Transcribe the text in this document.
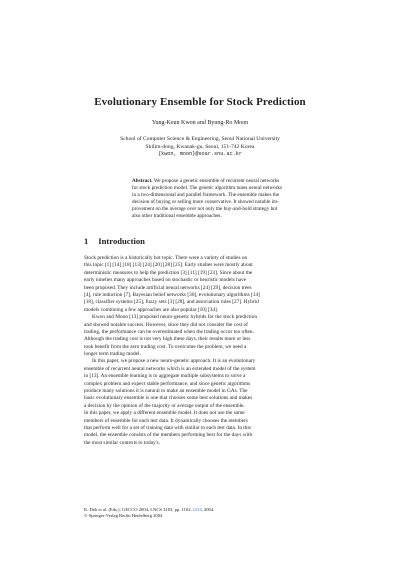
Evolutionary Ensemble for Stock Prediction
Yung-Keun Kwon and Byung-Ro Moon
School of Computer Science & Engineering, Seoul National University
Shilim-dong, Kwanak-gu, Seoul, 151-742 Korea
{kwon, moon}@soar.snu.ac.kr
Abstract. We propose a genetic ensemble of recurrent neural networks
for stock prediction model. The genetic algorithm tunes neural networks
in a two-dimensional and parallel framework. The ensemble makes the
decision of buying or selling more conservative. It showed notable im-
provement on the average over not only the buy-and-hold strategy but
also other traditional ensemble approaches.
1 Introduction
Stock prediction is a historically hot topic. There were a variety of studies on
this topic [1] [14] [18] [13] [24] [20] [28] [25]. Early studies were mostly about
deterministic measures to help the prediction [3] [11] [19] [23]. Since about the
early nineties many approaches based on stochastic or heuristic models have
been proposed. They include artificial neural networks [24] [29], decision trees
[4], rule induction [7], Bayesian belief networks [30], evolutionary algorithms [14]
[18], classifier systems [25], fuzzy sets [3] [28], and association rules [27]. Hybrid
models combining a few approaches are also popular [10] [34].
Kwon and Moon [13] proposed neuro-genetic hybrids for the stock prediction
and showed notable success. However, since they did not consider the cost of
trading, the performance can be overestimated when the trading occur too often.
Although the trading cost is not very high these days, their results more or less
took benefit from the zero trading cost. To overcome the problem, we need a
longer term trading model.
In this paper, we propose a new neuro-genetic approach. It is an evolutionary
ensemble of recurrent neural networks which is an extended model of the system
in [13]. An ensemble learning is to aggregate multiple subsystems to solve a
complex problem and expect stable performance, and since genetic algorithms
produce many solutions it is natural to make an ensemble model in GAs. The
basic evolutionary ensemble is one that chooses some best solutions and makes
a decision by the opinion of the majority or average output of the ensemble.
In this paper, we apply a different ensemble model. It does not use the same
members of ensemble for each test data. It dynamically chooses the members
that perform well for a set of training data with similar to each test data. In this
model, the ensemble consists of the members performing best for the days with
the most similar contexts to today's.
K. Deb et al. (Eds.): GECCO 2004, LNCS 3103, pp. 1102–1113, 2004.
© Springer-Verlag Berlin Heidelberg 2004
